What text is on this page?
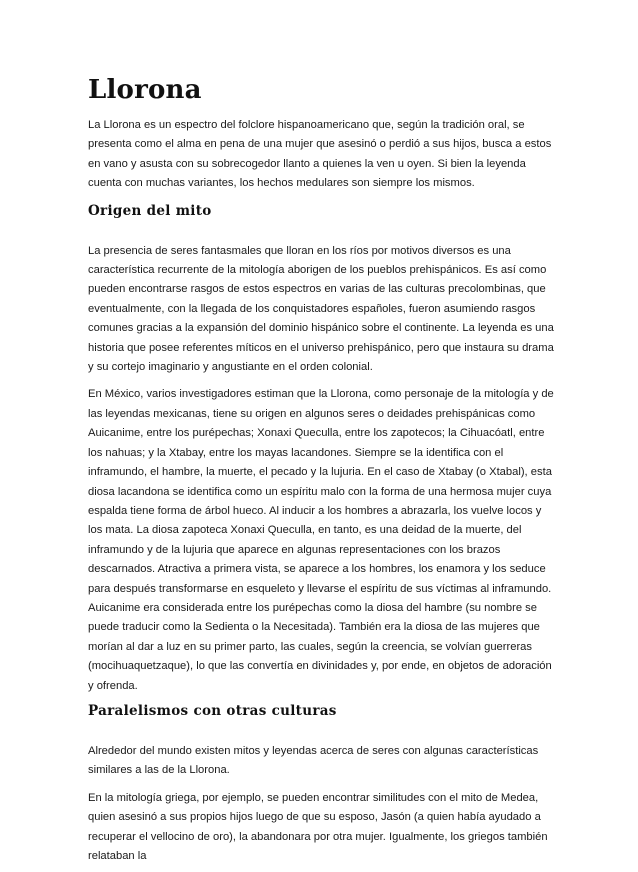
Llorona

La Llorona es un espectro del folclore hispanoamericano que, según la tradición oral, se presenta como el alma en pena de una mujer que asesinó o perdió a sus hijos, busca a estos en vano y asusta con su sobrecogedor llanto a quienes la ven u oyen. Si bien la leyenda cuenta con muchas variantes, los hechos medulares son siempre los mismos.

Origen del mito

La presencia de seres fantasmales que lloran en los ríos por motivos diversos es una característica recurrente de la mitología aborigen de los pueblos prehispánicos. Es así como pueden encontrarse rasgos de estos espectros en varias de las culturas precolombinas, que eventualmente, con la llegada de los conquistadores españoles, fueron asumiendo rasgos comunes gracias a la expansión del dominio hispánico sobre el continente. La leyenda es una historia que posee referentes míticos en el universo prehispánico, pero que instaura su drama y su cortejo imaginario y angustiante en el orden colonial.

En México, varios investigadores estiman que la Llorona, como personaje de la mitología y de las leyendas mexicanas, tiene su origen en algunos seres o deidades prehispánicas como Auicanime, entre los purépechas; Xonaxi Queculla, entre los zapotecos; la Cihuacóatl, entre los nahuas; y la Xtabay, entre los mayas lacandones. Siempre se la identifica con el inframundo, el hambre, la muerte, el pecado y la lujuria. En el caso de Xtabay (o Xtabal), esta diosa lacandona se identifica como un espíritu malo con la forma de una hermosa mujer cuya espalda tiene forma de árbol hueco. Al inducir a los hombres a abrazarla, los vuelve locos y los mata. La diosa zapoteca Xonaxi Queculla, en tanto, es una deidad de la muerte, del inframundo y de la lujuria que aparece en algunas representaciones con los brazos descarnados. Atractiva a primera vista, se aparece a los hombres, los enamora y los seduce para después transformarse en esqueleto y llevarse el espíritu de sus víctimas al inframundo. Auicanime era considerada entre los purépechas como la diosa del hambre (su nombre se puede traducir como la Sedienta o la Necesitada). También era la diosa de las mujeres que morían al dar a luz en su primer parto, las cuales, según la creencia, se volvían guerreras (mocihuaquetzaque), lo que las convertía en divinidades y, por ende, en objetos de adoración y ofrenda.

Paralelismos con otras culturas

Alrededor del mundo existen mitos y leyendas acerca de seres con algunas características similares a las de la Llorona.

En la mitología griega, por ejemplo, se pueden encontrar similitudes con el mito de Medea, quien asesinó a sus propios hijos luego de que su esposo, Jasón (a quien había ayudado a recuperar el vellocino de oro), la abandonara por otra mujer. Igualmente, los griegos también relataban la
